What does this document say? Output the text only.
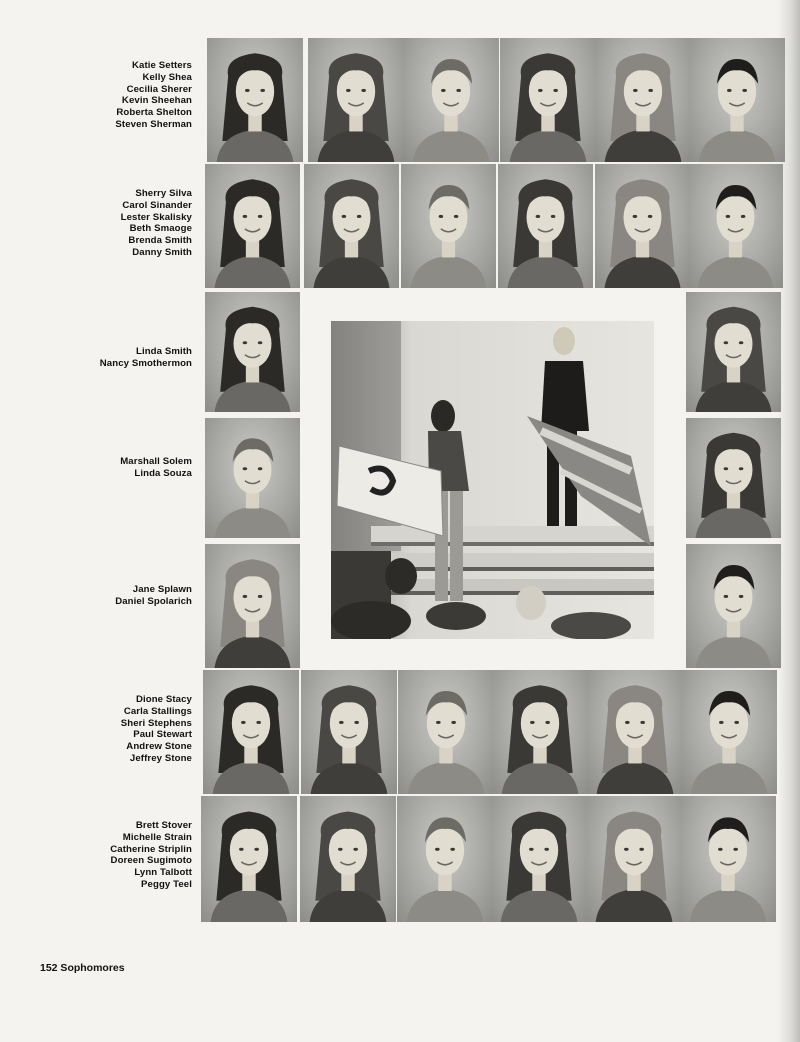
Katie Setters
Kelly Shea
Cecilia Sherer
Kevin Sheehan
Roberta Shelton
Steven Sherman
Sherry Silva
Carol Sinander
Lester Skalisky
Beth Smaoge
Brenda Smith
Danny Smith
Linda Smith
Nancy Smothermon
Marshall Solem
Linda Souza
Jane Splawn
Daniel Spolarich
Dione Stacy
Carla Stallings
Sheri Stephens
Paul Stewart
Andrew Stone
Jeffrey Stone
Brett Stover
Michelle Strain
Catherine Striplin
Doreen Sugimoto
Lynn Talbott
Peggy Teel
152 Sophomores
